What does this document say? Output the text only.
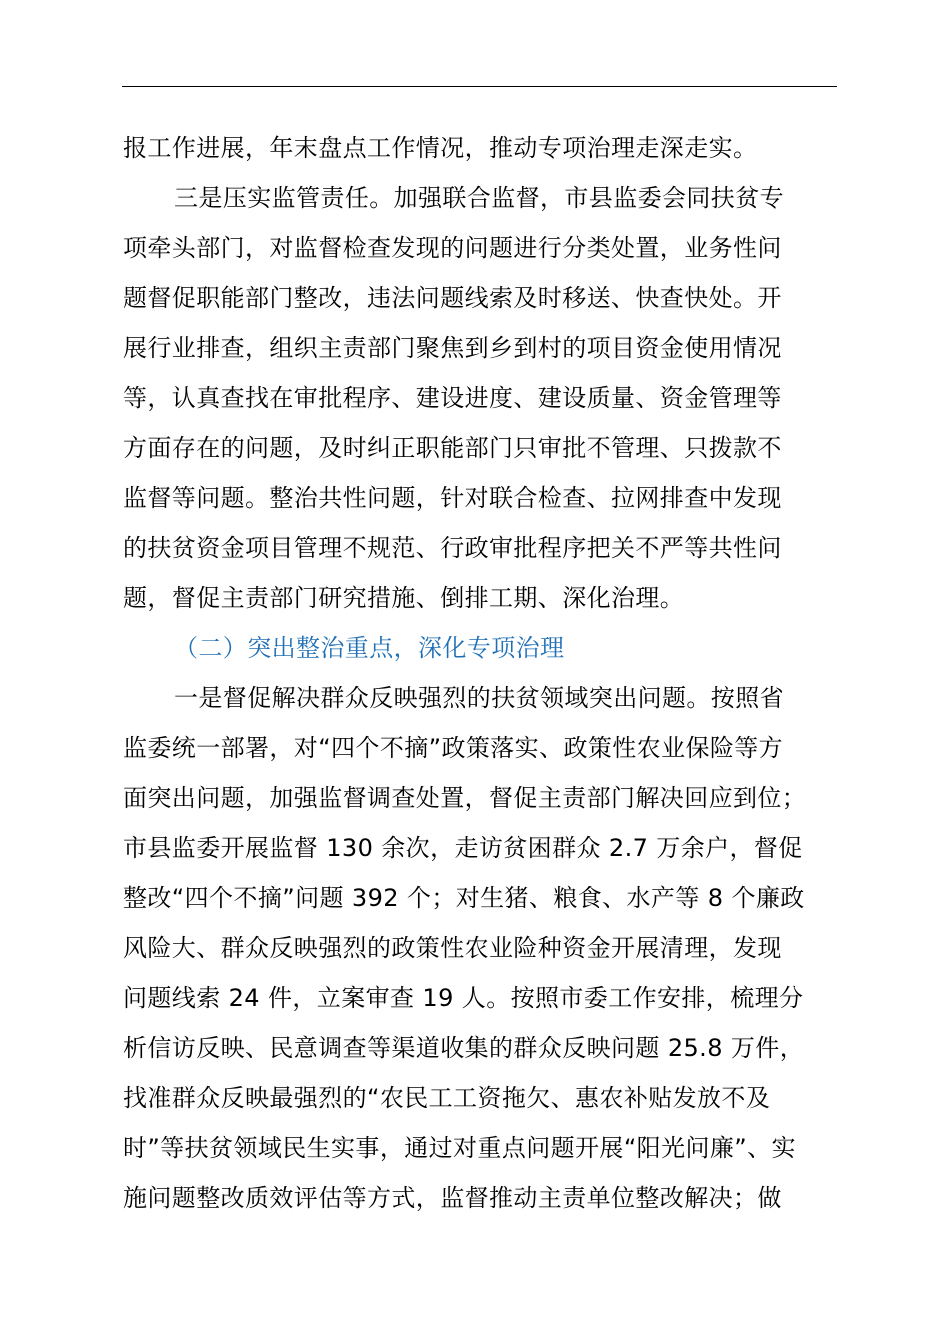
报工作进展，年末盘点工作情况，推动专项治理走深走实。
三是压实监管责任。加强联合监督，市县监委会同扶贫专
项牵头部门，对监督检查发现的问题进行分类处置，业务性问
题督促职能部门整改，违法问题线索及时移送、快查快处。开
展行业排查，组织主责部门聚焦到乡到村的项目资金使用情况
等，认真查找在审批程序、建设进度、建设质量、资金管理等
方面存在的问题，及时纠正职能部门只审批不管理、只拨款不
监督等问题。整治共性问题，针对联合检查、拉网排查中发现
的扶贫资金项目管理不规范、行政审批程序把关不严等共性问
题，督促主责部门研究措施、倒排工期、深化治理。
（二）突出整治重点，深化专项治理
一是督促解决群众反映强烈的扶贫领域突出问题。按照省
监委统一部署，对“四个不摘”政策落实、政策性农业保险等方
面突出问题，加强监督调查处置，督促主责部门解决回应到位；
市县监委开展监督 130 余次，走访贫困群众 2.7 万余户，督促
整改“四个不摘”问题 392 个；对生猪、粮食、水产等 8 个廉政
风险大、群众反映强烈的政策性农业险种资金开展清理，发现
问题线索 24 件，立案审查 19 人。按照市委工作安排，梳理分
析信访反映、民意调查等渠道收集的群众反映问题 25.8 万件，
找准群众反映最强烈的“农民工工资拖欠、惠农补贴发放不及
时”等扶贫领域民生实事，通过对重点问题开展“阳光问廉”、实
施问题整改质效评估等方式，监督推动主责单位整改解决；做
